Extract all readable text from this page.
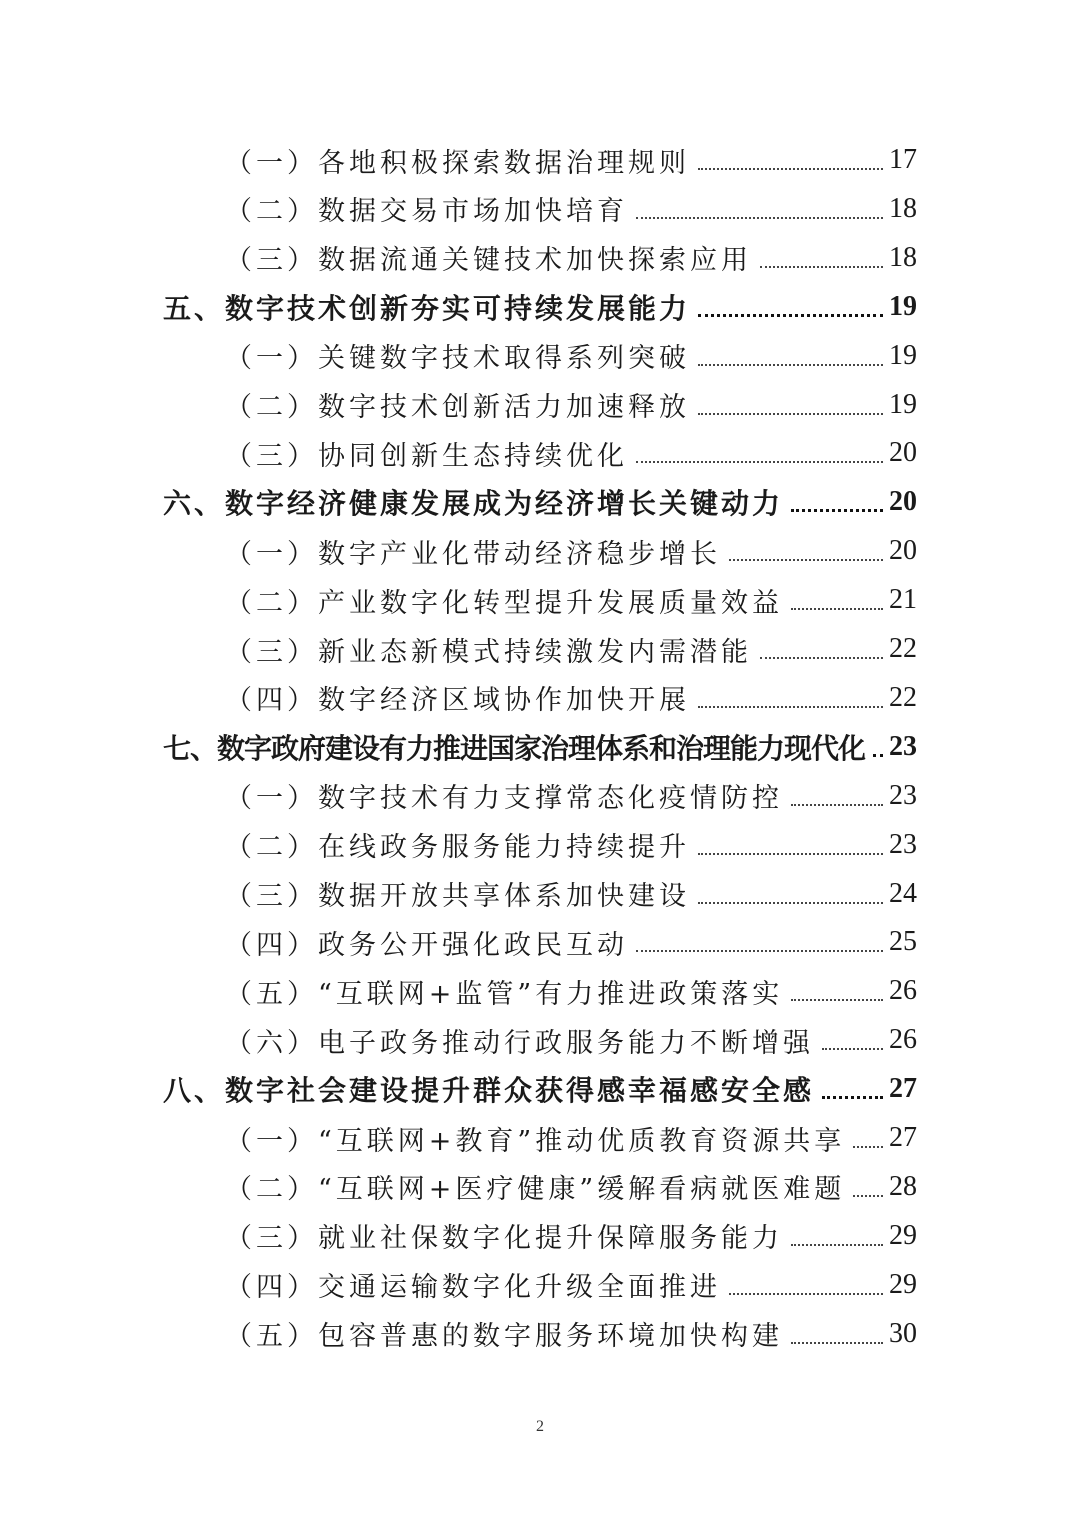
（一） 各地积极探索数据治理规则	17
（二） 数据交易市场加快培育	18
（三） 数据流通关键技术加快探索应用	18
五、 数字技术创新夯实可持续发展能力	19
（一） 关键数字技术取得系列突破	19
（二） 数字技术创新活力加速释放	19
（三） 协同创新生态持续优化	20
六、 数字经济健康发展成为经济增长关键动力	20
（一） 数字产业化带动经济稳步增长	20
（二） 产业数字化转型提升发展质量效益	21
（三） 新业态新模式持续激发内需潜能	22
（四） 数字经济区域协作加快开展	22
七、 数字政府建设有力推进国家治理体系和治理能力现代化 23
（一） 数字技术有力支撑常态化疫情防控	23
（二） 在线政务服务能力持续提升	23
（三） 数据开放共享体系加快建设	24
（四） 政务公开强化政民互动	25
（五） “互联网+监管”有力推进政策落实	26
（六） 电子政务推动行政服务能力不断增强	26
八、 数字社会建设提升群众获得感幸福感安全感	27
（一） “互联网+教育”推动优质教育资源共享 27
（二） “互联网+医疗健康”缓解看病就医难题 28
（三） 就业社保数字化提升保障服务能力	29
（四） 交通运输数字化升级全面推进	29
（五） 包容普惠的数字服务环境加快构建	30
2
